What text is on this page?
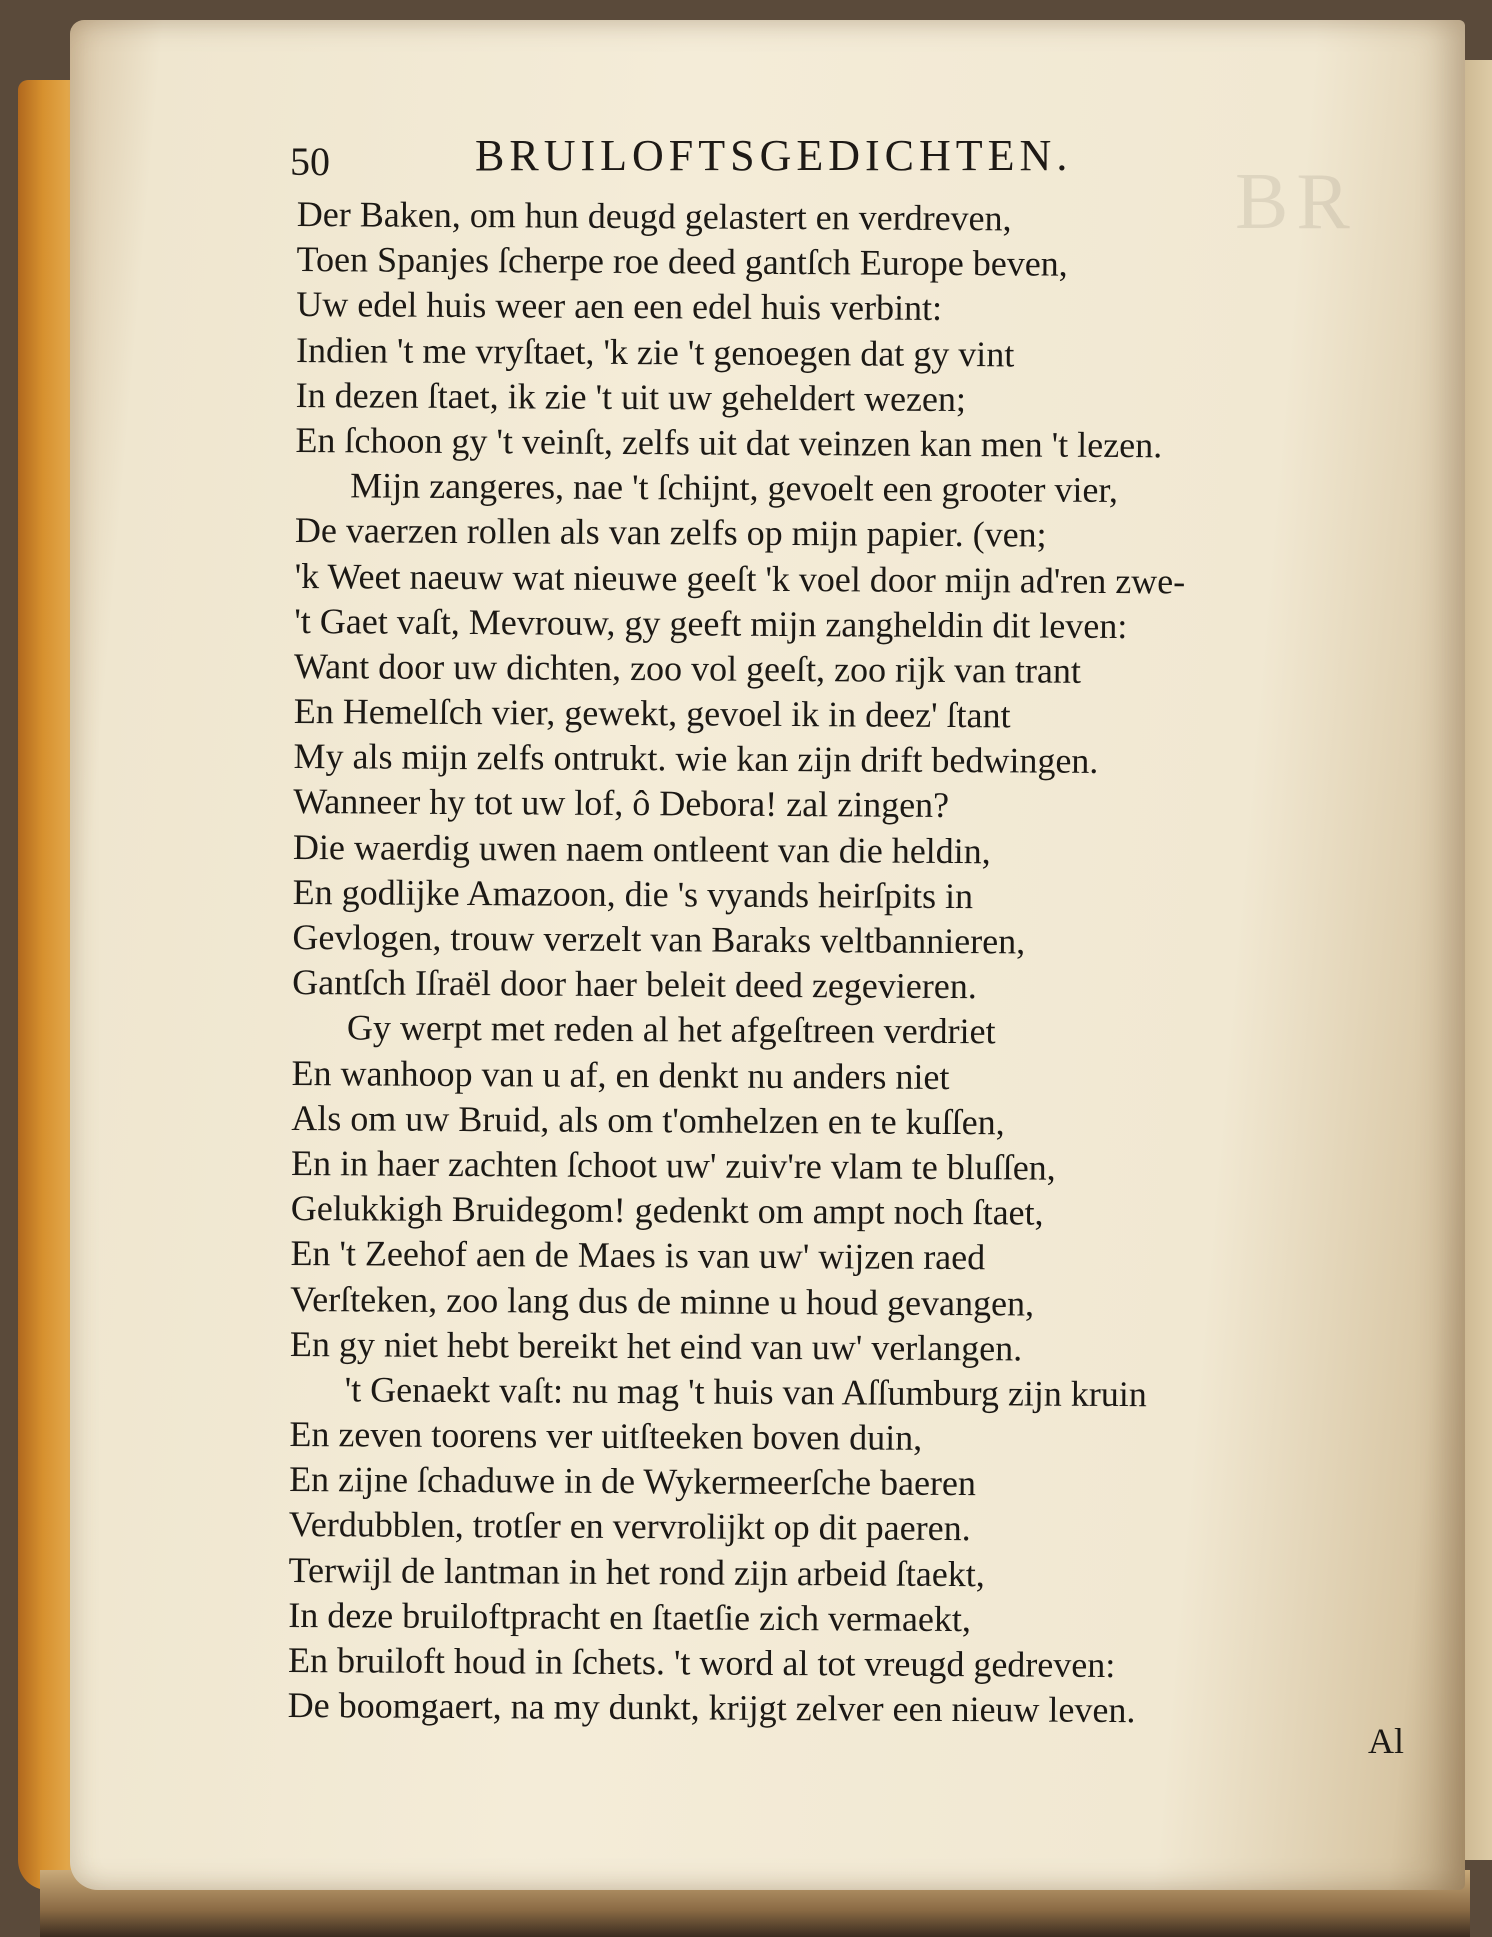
BR
50	BRUILOFTSGEDICHTEN.
Der Baken, om hun deugd gelastert en verdreven,
Toen Spanjes ſcherpe roe deed gantſch Europe beven,
Uw edel huis weer aen een edel huis verbint:
Indien 't me vryſtaet, 'k zie 't genoegen dat gy vint
In dezen ſtaet, ik zie 't uit uw geheldert wezen;
En ſchoon gy 't veinſt, zelfs uit dat veinzen kan men 't lezen.
Mijn zangeres, nae 't ſchijnt, gevoelt een grooter vier,
De vaerzen rollen als van zelfs op mijn papier. (ven;
'k Weet naeuw wat nieuwe geeſt 'k voel door mijn ad'ren zwe-
't Gaet vaſt, Mevrouw, gy geeft mijn zangheldin dit leven:
Want door uw dichten, zoo vol geeſt, zoo rijk van trant
En Hemelſch vier, gewekt, gevoel ik in deez' ſtant
My als mijn zelfs ontrukt. wie kan zijn drift bedwingen.
Wanneer hy tot uw lof, ô Debora! zal zingen?
Die waerdig uwen naem ontleent van die heldin,
En godlijke Amazoon, die 's vyands heirſpits in
Gevlogen, trouw verzelt van Baraks veltbannieren,
Gantſch Iſraël door haer beleit deed zegevieren.
Gy werpt met reden al het afgeſtreen verdriet
En wanhoop van u af, en denkt nu anders niet
Als om uw Bruid, als om t'omhelzen en te kuſſen,
En in haer zachten ſchoot uw' zuiv're vlam te bluſſen,
Gelukkigh Bruidegom! gedenkt om ampt noch ſtaet,
En 't Zeehof aen de Maes is van uw' wijzen raed
Verſteken, zoo lang dus de minne u houd gevangen,
En gy niet hebt bereikt het eind van uw' verlangen.
't Genaekt vaſt: nu mag 't huis van Aſſumburg zijn kruin
En zeven toorens ver uitſteeken boven duin,
En zijne ſchaduwe in de Wykermeerſche baeren
Verdubblen, trotſer en vervrolijkt op dit paeren.
Terwijl de lantman in het rond zijn arbeid ſtaekt,
In deze bruiloftpracht en ſtaetſie zich vermaekt,
En bruiloft houd in ſchets. 't word al tot vreugd gedreven:
De boomgaert, na my dunkt, krijgt zelver een nieuw leven.
Al
